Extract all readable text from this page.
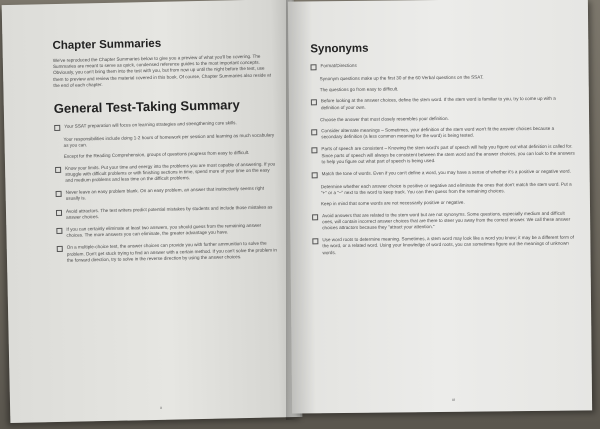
Chapter Summaries

We've reproduced the Chapter Summaries below to give you a preview of what you'll be covering. The Summaries are meant to serve as quick, condensed reference guides to the most important concepts. Obviously, you can't bring them into the test with you, but from now up until the night before the test, use them to preview and review the material covered in this book. Of course, Chapter Summaries also reside at the end of each chapter.

General Test-Taking Summary

Your SSAT preparation will focus on learning strategies and strengthening core skills.

Your responsibilities include doing 1-2 hours of homework per session and learning as much vocabulary as you can.

Except for the Reading Comprehension, groups of questions progress from easy to difficult.

Know your limits. Put your time and energy into the problems you are most capable of answering. If you struggle with difficult problems or with finishing sections in time, spend more of your time on the easy and medium problems and less time on the difficult problems.

Never leave an easy problem blank. On an easy problem, an answer that instinctively seems right usually is.

Avoid attractors. The test writers predict potential mistakes by students and include those mistakes as answer choices.

If you can certainly eliminate at least two answers, you should guess from the remaining answer choices. The more answers you can eliminate, the greater advantage you have.

On a multiple-choice test, the answer choices can provide you with further ammunition to solve the problem. Don't get stuck trying to find an answer with a certain method. If you can't solve the problem in the forward direction, try to solve in the reverse direction by using the answer choices.

x
Synonyms

Format/Directions

Synonym questions make up the first 30 of the 60 Verbal questions on the SSAT.

The questions go from easy to difficult.

Before looking at the answer choices, define the stem word. If the stem word is familiar to you, try to come up with a definition of your own.

Choose the answer that most closely resembles your definition.

Consider alternate meanings – Sometimes, your definition of the stem word won't fit the answer choices because a secondary definition (a less common meaning for the word) is being tested.

Parts of speech are consistent – Knowing the stem word's part of speech will help you figure out what definition is called for. Since parts of speech will always be consistent between the stem word and the answer choices, you can look to the answers to help you figure out what part of speech is being used.

Match the tone of words. Even if you can't define a word, you may have a sense of whether it's a positive or negative word.

Determine whether each answer choice is positive or negative and eliminate the ones that don't match the stem word. Put a "+" or a "–" next to the word to keep track. You can then guess from the remaining choices.

Keep in mind that some words are not necessarily positive or negative.

Avoid answers that are related to the stem word but are not synonyms. Some questions, especially medium and difficult ones, will contain incorrect answer choices that are there to steer you away from the correct answer. We call these answer choices attractors because they "attract your attention."

Use word roots to determine meaning. Sometimes, a stem word may look like a word you know; it may be a different form of the word, or a related word. Using your knowledge of word roots, you can sometimes figure out the meanings of unknown words.

xi
